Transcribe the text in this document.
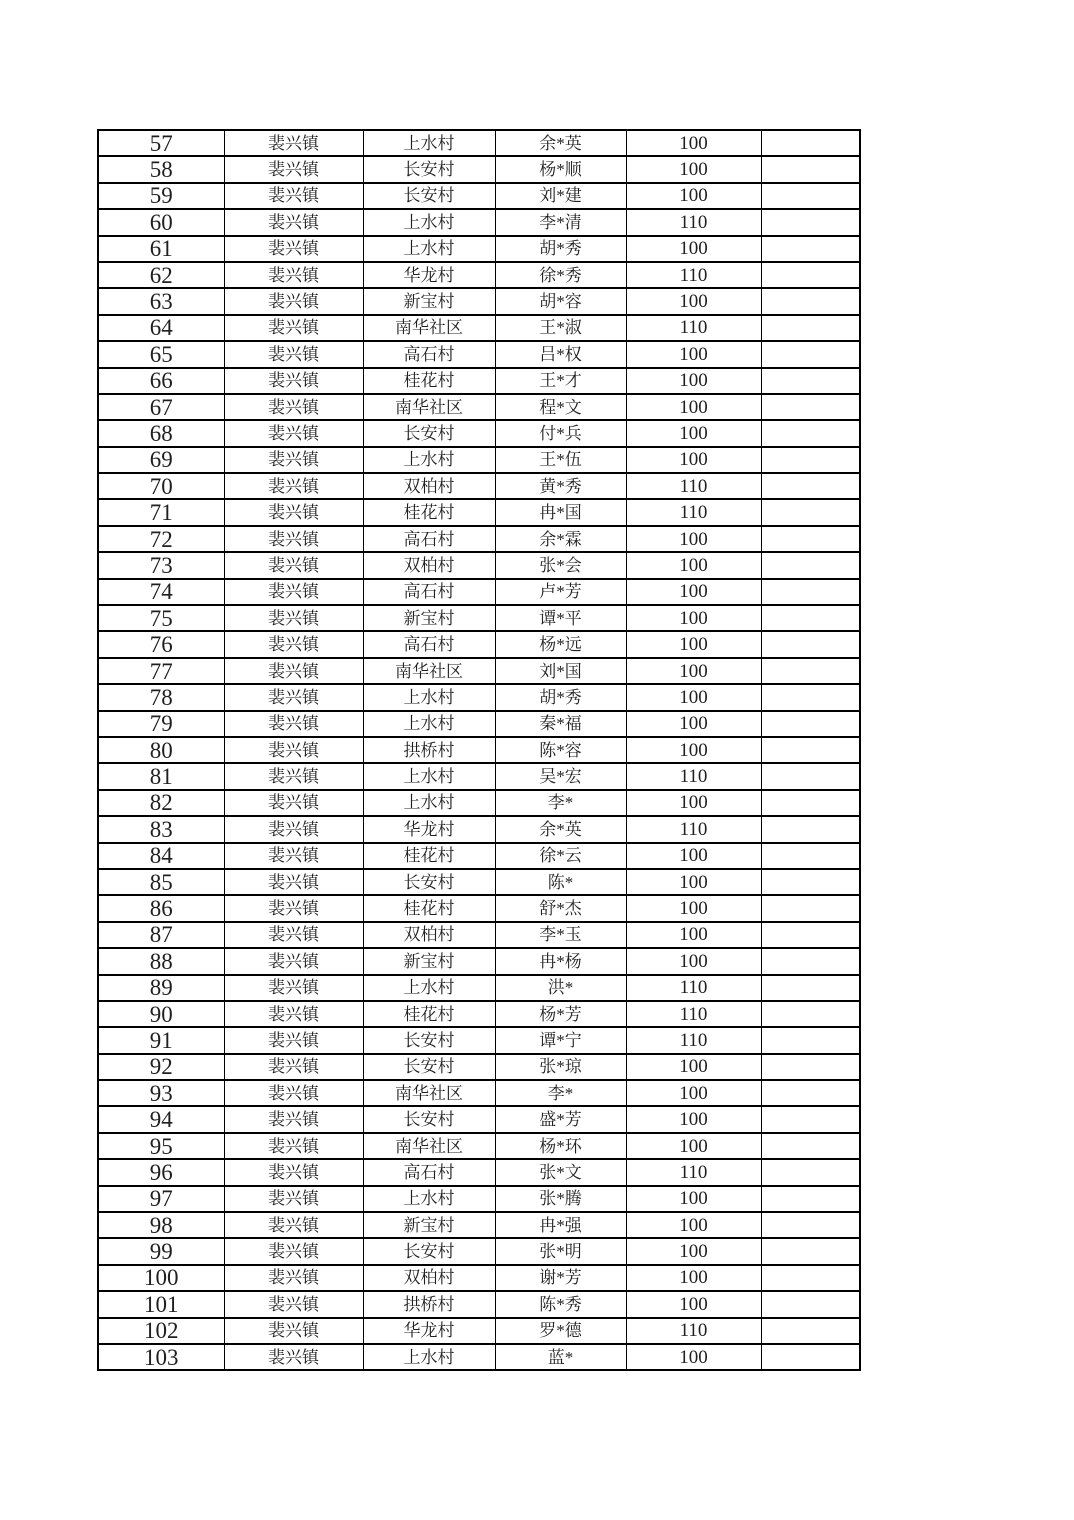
57	裴兴镇	上水村	余*英	100	
58	裴兴镇	长安村	杨*顺	100	
59	裴兴镇	长安村	刘*建	100	
60	裴兴镇	上水村	李*清	110	
61	裴兴镇	上水村	胡*秀	100	
62	裴兴镇	华龙村	徐*秀	110	
63	裴兴镇	新宝村	胡*容	100	
64	裴兴镇	南华社区	王*淑	110	
65	裴兴镇	高石村	吕*权	100	
66	裴兴镇	桂花村	王*才	100	
67	裴兴镇	南华社区	程*文	100	
68	裴兴镇	长安村	付*兵	100	
69	裴兴镇	上水村	王*伍	100	
70	裴兴镇	双柏村	黄*秀	110	
71	裴兴镇	桂花村	冉*国	110	
72	裴兴镇	高石村	余*霖	100	
73	裴兴镇	双柏村	张*会	100	
74	裴兴镇	高石村	卢*芳	100	
75	裴兴镇	新宝村	谭*平	100	
76	裴兴镇	高石村	杨*远	100	
77	裴兴镇	南华社区	刘*国	100	
78	裴兴镇	上水村	胡*秀	100	
79	裴兴镇	上水村	秦*福	100	
80	裴兴镇	拱桥村	陈*容	100	
81	裴兴镇	上水村	吴*宏	110	
82	裴兴镇	上水村	李*	100	
83	裴兴镇	华龙村	余*英	110	
84	裴兴镇	桂花村	徐*云	100	
85	裴兴镇	长安村	陈*	100	
86	裴兴镇	桂花村	舒*杰	100	
87	裴兴镇	双柏村	李*玉	100	
88	裴兴镇	新宝村	冉*杨	100	
89	裴兴镇	上水村	洪*	110	
90	裴兴镇	桂花村	杨*芳	110	
91	裴兴镇	长安村	谭*宁	110	
92	裴兴镇	长安村	张*琼	100	
93	裴兴镇	南华社区	李*	100	
94	裴兴镇	长安村	盛*芳	100	
95	裴兴镇	南华社区	杨*环	100	
96	裴兴镇	高石村	张*文	110	
97	裴兴镇	上水村	张*腾	100	
98	裴兴镇	新宝村	冉*强	100	
99	裴兴镇	长安村	张*明	100	
100	裴兴镇	双柏村	谢*芳	100	
101	裴兴镇	拱桥村	陈*秀	100	
102	裴兴镇	华龙村	罗*德	110	
103	裴兴镇	上水村	蓝*	100	
